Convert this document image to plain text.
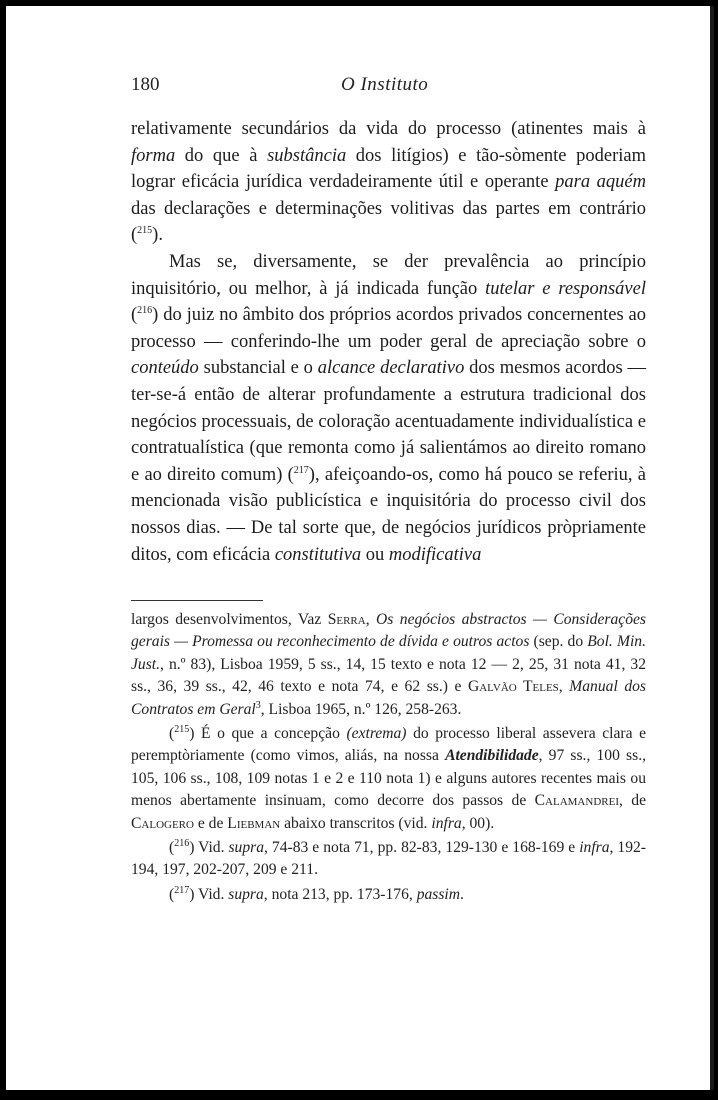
180	O Instituto

relativamente secundários da vida do processo (atinentes mais à forma do que à substância dos litígios) e tão-sòmente poderiam lograr eficácia jurídica verdadeiramente útil e operante para aquém das declarações e determinações volitivas das partes em contrário ($^{215}$).

Mas se, diversamente, se der prevalência ao princípio inquisitório, ou melhor, à já indicada função tutelar e responsável ($^{216}$) do juiz no âmbito dos próprios acordos privados concernentes ao processo — conferindo-lhe um poder geral de apreciação sobre o conteúdo substancial e o alcance declarativo dos mesmos acordos — ter-se-á então de alterar profundamente a estrutura tradicional dos negócios processuais, de coloração acentuadamente individualística e contratualística (que remonta como já salientámos ao direito romano e ao direito comum) ($^{217}$), afeiçoando-os, como há pouco se referiu, à mencionada visão publicística e inquisitória do processo civil dos nossos dias. — De tal sorte que, de negócios jurídicos pròpriamente ditos, com eficácia constitutiva ou modificativa

largos desenvolvimentos, Vaz Serra, Os negócios abstractos — Considerações gerais — Promessa ou reconhecimento de dívida e outros actos (sep. do Bol. Min. Just., n.º 83), Lisboa 1959, 5 ss., 14, 15 texto e nota 12 — 2, 25, 31 nota 41, 32 ss., 36, 39 ss., 42, 46 texto e nota 74, e 62 ss.) e Galvão Teles, Manual dos Contratos em Geral$^3$, Lisboa 1965, n.º 126, 258-263.

($^{215}$) É o que a concepção (extrema) do processo liberal assevera clara e peremptòriamente (como vimos, aliás, na nossa Atendibilidade, 97 ss., 100 ss., 105, 106 ss., 108, 109 notas 1 e 2 e 110 nota 1) e alguns autores recentes mais ou menos abertamente insinuam, como decorre dos passos de Calamandrei, de Calogero e de Liebman abaixo transcritos (vid. infra, 00).

($^{216}$) Vid. supra, 74-83 e nota 71, pp. 82-83, 129-130 e 168-169 e infra, 192-194, 197, 202-207, 209 e 211.

($^{217}$) Vid. supra, nota 213, pp. 173-176, passim.
